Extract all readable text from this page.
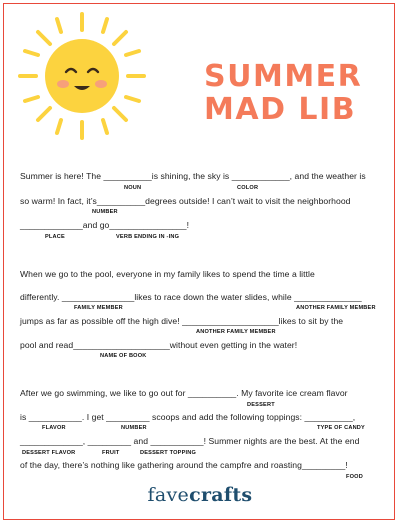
SUMMER
MAD LIB
Summer is here! The __________is shining, the sky is ____________, and the weather is
NOUN	COLOR
so warm! In fact, it’s__________degrees outside! I can’t wait to visit the neighborhood
NUMBER
_____________and go________________!
PLACE	VERB ENDING IN -ING
When we go to the pool, everyone in my family likes to spend the time a little
differently. _______________likes to race down the water slides, while ______________
FAMILY MEMBER	ANOTHER FAMILY MEMBER
jumps as far as possible off the high dive! ____________________likes to sit by the
ANOTHER FAMILY MEMBER
pool and read____________________without even getting in the water!
NAME OF BOOK
After we go swimming, we like to go out for __________. My favorite ice cream flavor
DESSERT
is ___________. I get _________ scoops and add the following toppings: __________,
FLAVOR	NUMBER	TYPE OF CANDY
_____________, _________ and ___________! Summer nights are the best. At the end
DESSERT FLAVOR	FRUIT	DESSERT TOPPING
of the day, there’s nothing like gathering around the campfre and roasting_________!
FOOD
favecrafts
